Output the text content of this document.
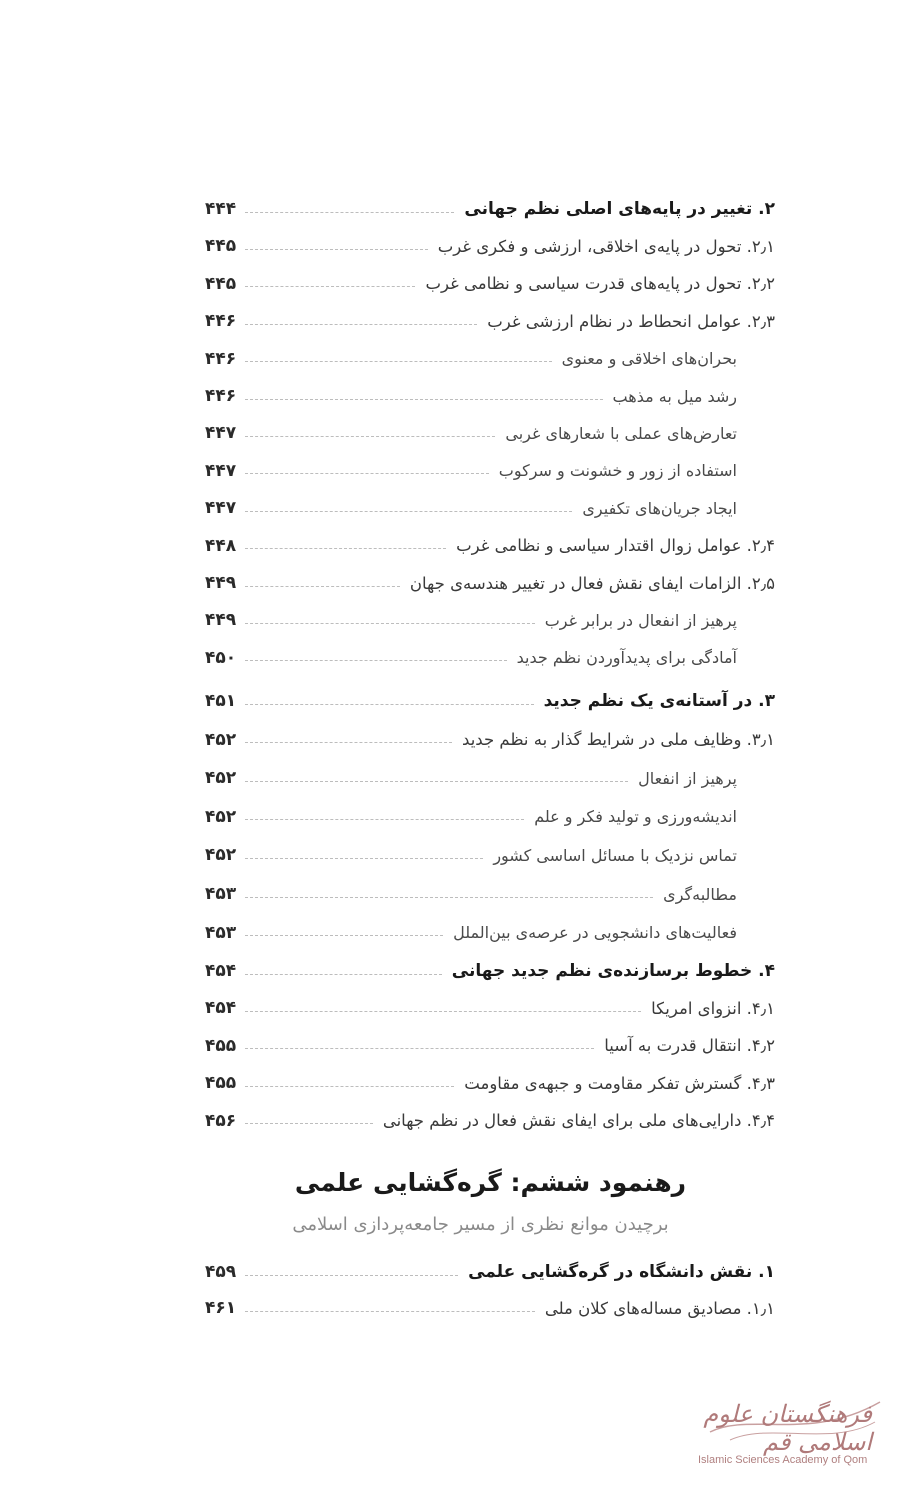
۲. تغییر در پایه‌های اصلی نظم جهانی
۴۴۴
۲٫۱. تحول در پایه‌ی اخلاقی، ارزشی و فکری غرب
۴۴۵
۲٫۲. تحول در پایه‌های قدرت سیاسی و نظامی غرب
۴۴۵
۲٫۳. عوامل انحطاط در نظام ارزشی غرب
۴۴۶
بحران‌های اخلاقی و معنوی
۴۴۶
رشد میل به مذهب
۴۴۶
تعارض‌های عملی با شعارهای غربی
۴۴۷
استفاده از زور و خشونت و سرکوب
۴۴۷
ایجاد جریان‌های تکفیری
۴۴۷
۲٫۴. عوامل زوال اقتدار سیاسی و نظامی غرب
۴۴۸
۲٫۵. الزامات ایفای نقش فعال در تغییر هندسه‌ی جهان
۴۴۹
پرهیز از انفعال در برابر غرب
۴۴۹
آمادگی برای پدیدآوردن نظم جدید
۴۵۰
۳. در آستانه‌ی یک نظم جدید
۴۵۱
۳٫۱. وظایف ملی در شرایط گذار به نظم جدید
۴۵۲
پرهیز از انفعال
۴۵۲
اندیشه‌ورزی و تولید فکر و علم
۴۵۲
تماس نزدیک با مسائل اساسی کشور
۴۵۲
مطالبه‌گری
۴۵۳
فعالیت‌های دانشجویی در عرصه‌ی بین‌الملل
۴۵۳
۴. خطوط برسازنده‌ی نظم جدید جهانی
۴۵۴
۴٫۱. انزوای امریکا
۴۵۴
۴٫۲. انتقال قدرت به آسیا
۴۵۵
۴٫۳. گسترش تفکر مقاومت و جبهه‌ی مقاومت
۴۵۵
۴٫۴. دارایی‌های ملی برای ایفای نقش فعال در نظم جهانی
۴۵۶
۱. نقش دانشگاه در گره‌گشایی علمی
۴۵۹
۱٫۱. مصادیق مساله‌های کلان ملی
۴۶۱
رهنمود ششم: گره‌گشایی علمی
برچیدن موانع نظری از مسیر جامعه‌پردازی اسلامی
فرهنگستان علوم اسلامی قم
Islamic Sciences Academy of Qom
